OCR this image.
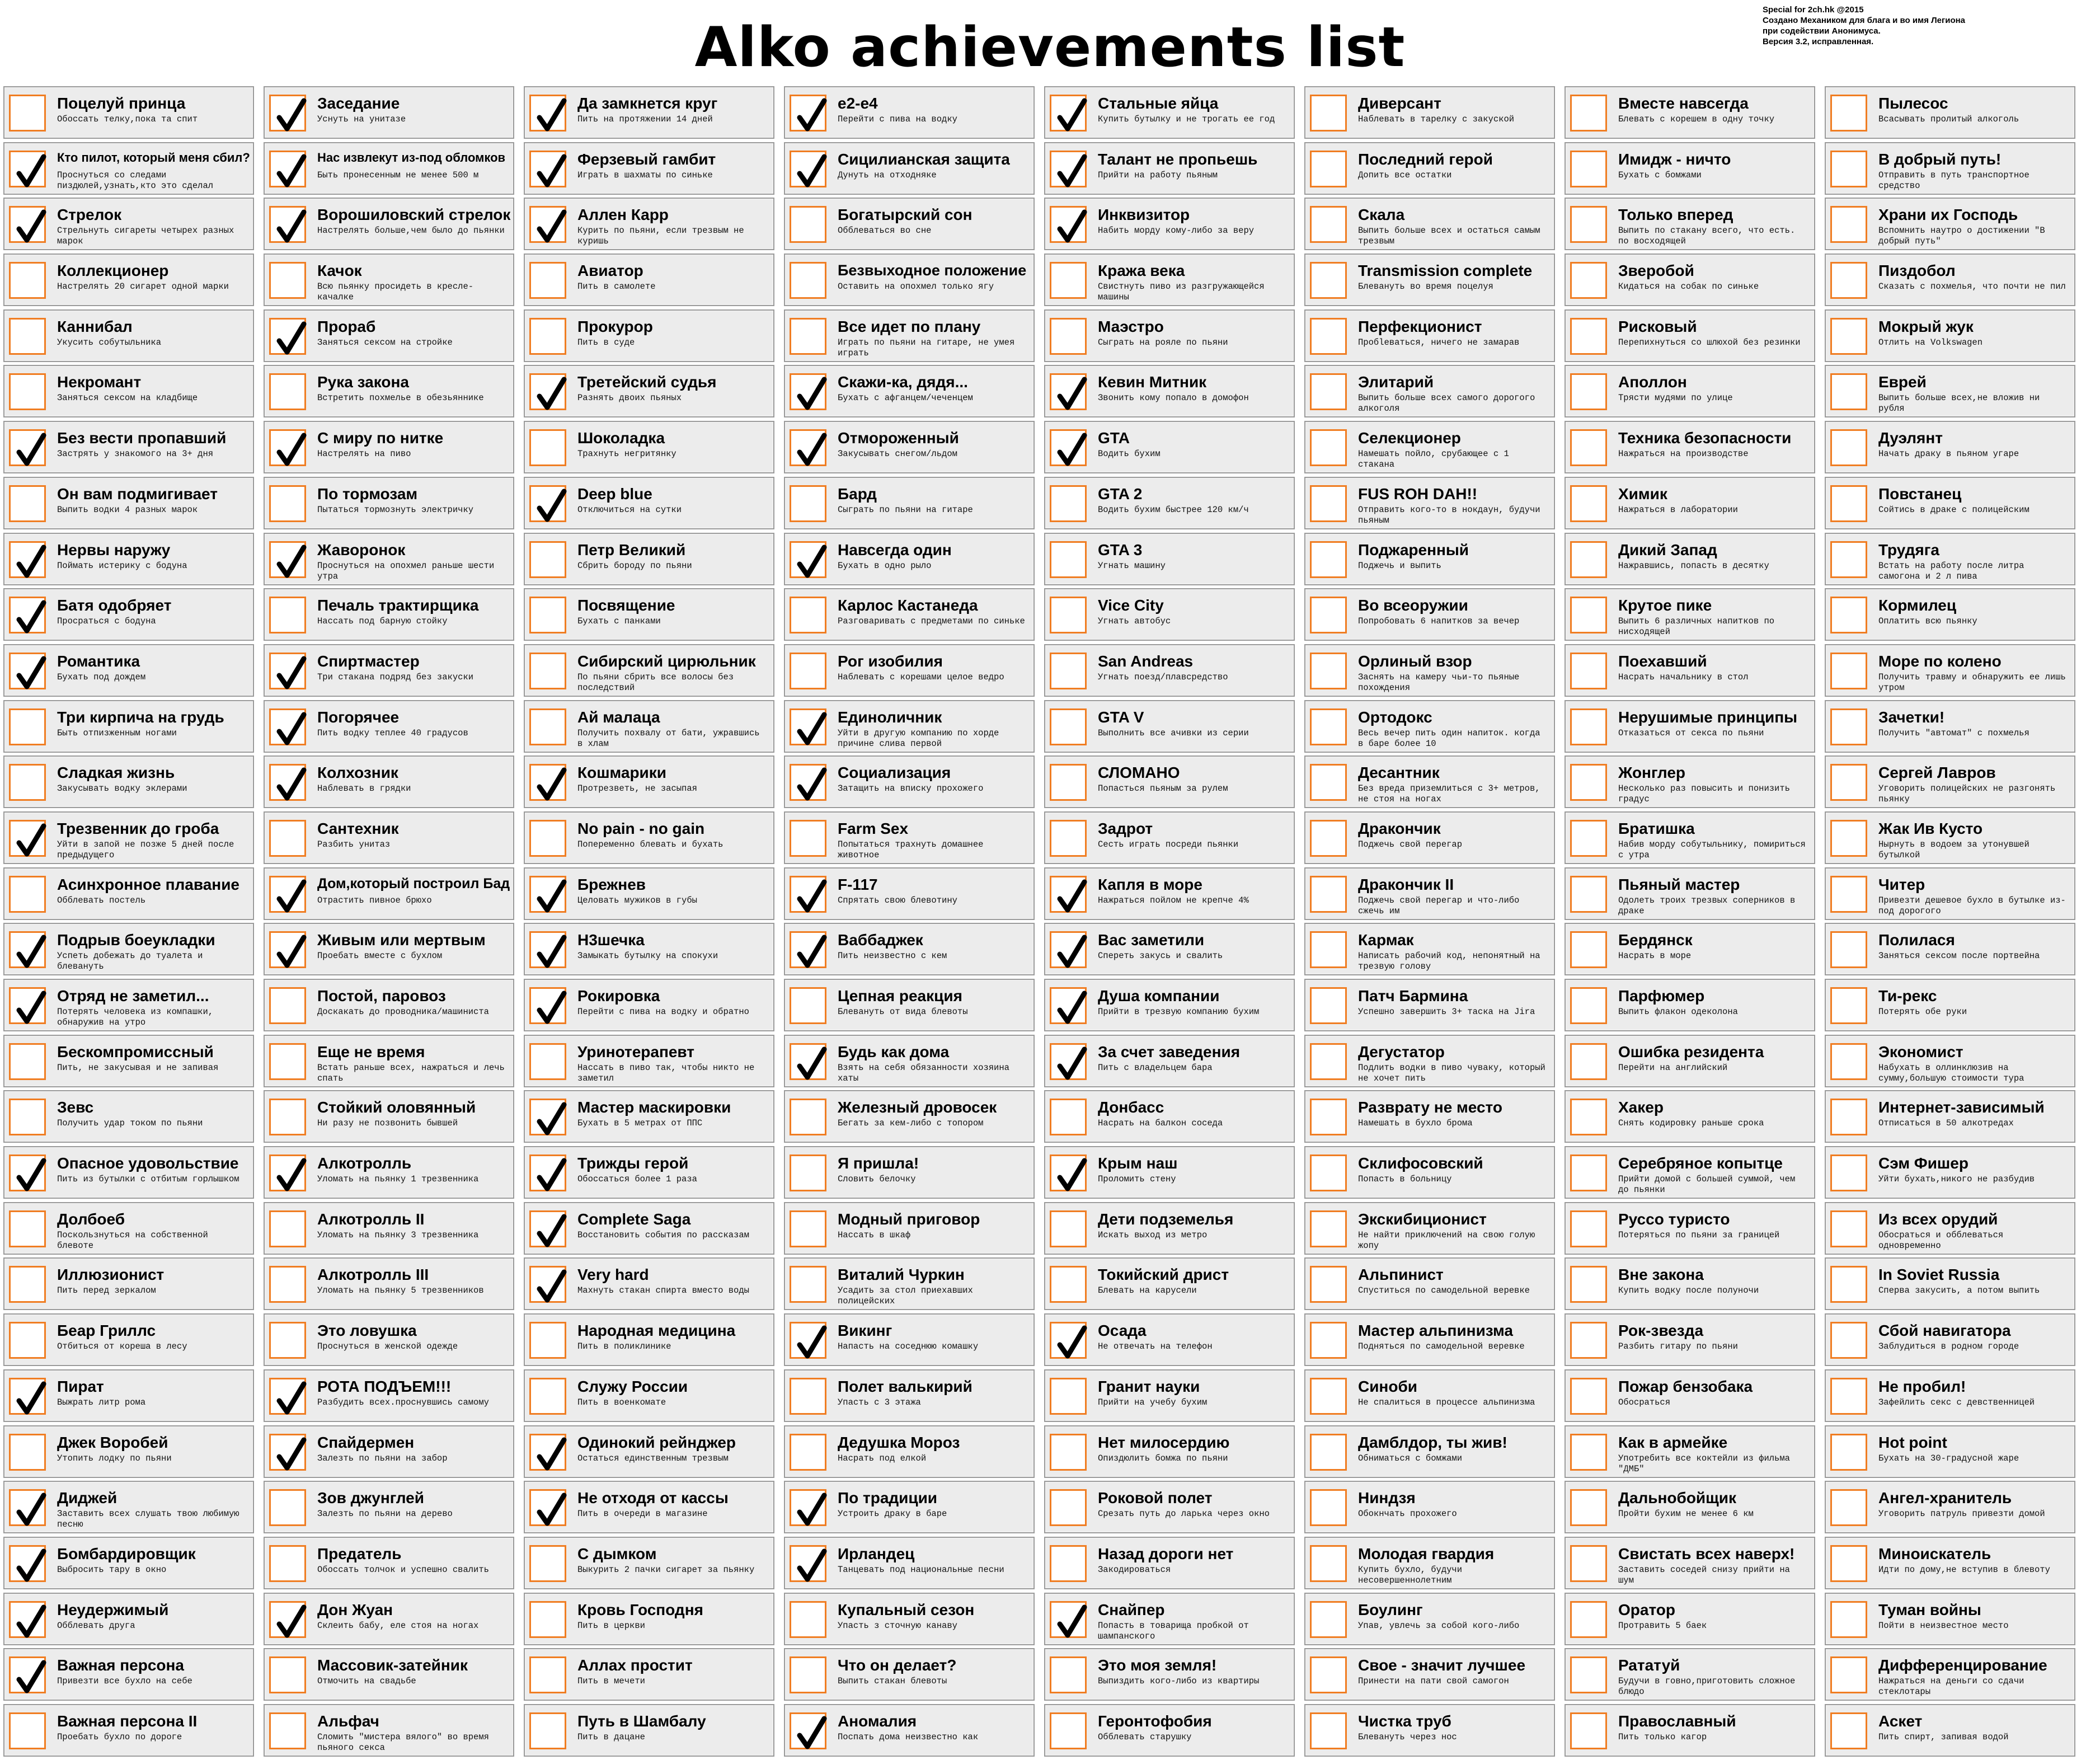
Alko achievements list
Special for 2ch.hk @2015
Создано Механиком для блага и во имя Легиона
при содействии Анонимуса.
Версия 3.2, исправленная.
Поцелуй принца
Обоссать телку,пока та спит
Кто пилот, который меня сбил?
Проснуться со следами пиздюлей,узнать,кто это сделал
Стрелок
Стрельнуть сигареты четырех разных марок
Коллекционер
Настрелять 20 сигарет одной марки
Каннибал
Укусить собутыльника
Некромант
Заняться сексом на кладбище
Без вести пропавший
Застрять у знакомого на 3+ дня
Он вам подмигивает
Выпить водки 4 разных марок
Нервы наружу
Поймать истерику с бодуна
Батя одобряет
Просраться с бодуна
Романтика
Бухать под дождем
Три кирпича на грудь
Быть отпизженным ногами
Сладкая жизнь
Закусывать водку эклерами
Трезвенник до гроба
Уйти в запой не позже 5 дней после предыдущего
Асинхронное плавание
Обблевать постель
Подрыв боеукладки
Успеть добежать до туалета и блевануть
Отряд не заметил...
Потерять человека из компашки, обнаружив на утро
Бескомпромиссный
Пить, не закусывая и не запивая
Зевс
Получить удар током по пьяни
Опасное удовольствие
Пить из бутылки с отбитым горлышком
Долбоеб
Поскользнуться на собственной блевоте
Иллюзионист
Пить перед зеркалом
Беар Гриллс
Отбиться от кореша в лесу
Пират
Выжрать литр рома
Джек Воробей
Утопить лодку по пьяни
Диджей
Заставить всех слушать твою любимую песню
Бомбардировщик
Выбросить тару в окно
Неудержимый
Обблевать друга
Важная персона
Привезти все бухло на себе
Важная персона II
Проебать бухло по дороге
Заседание
Уснуть на унитазе
Нас извлекут из-под обломков
Быть пронесенным не менее 500 м
Ворошиловский стрелок
Настрелять больше,чем было до пьянки
Качок
Всю пьянку просидеть в кресле-качалке
Прораб
Заняться сексом на стройке
Рука закона
Встретить похмелье в обезьяннике
С миру по нитке
Настрелять на пиво
По тормозам
Пытаться тормознуть электричку
Жаворонок
Проснуться на опохмел раньше шести утра
Печаль трактирщика
Нассать под барную стойку
Спиртмастер
Три стакана подряд без закуски
Погорячее
Пить водку теплее 40 градусов
Колхозник
Наблевать в грядки
Сантехник
Разбить унитаз
Дом,который построил Бад
Отрастить пивное брюхо
Живым или мертвым
Проебать вместе с бухлом
Постой, паровоз
Доскакать до проводника/машиниста
Еще не время
Встать раньше всех, нажраться и лечь спать
Стойкий оловянный
Ни разу не позвонить бывшей
Алкотролль
Уломать на пьянку 1 трезвенника
Алкотролль II
Уломать на пьянку 3 трезвенника
Алкотролль III
Уломать на пьянку 5 трезвенников
Это ловушка
Проснуться в женской одежде
РОТА ПОДЪЕМ!!!
Разбудить всех.проснувшись самому
Спайдермен
Залезть по пьяни на забор
Зов джунглей
Залезть по пьяни на дерево
Предатель
Обоссать толчок и успешно свалить
Дон Жуан
Склеить бабу, еле стоя на ногах
Массовик-затейник
Отмочить на свадьбе
Альфач
Сломить "мистера вялого" во время пьяного секса
Да замкнется круг
Пить на протяжении 14 дней
Ферзевый гамбит
Играть в шахматы по синьке
Аллен Карр
Курить по пьяни, если трезвым не куришь
Авиатор
Пить в самолете
Прокурор
Пить в суде
Третейский судья
Разнять двоих пьяных
Шоколадка
Трахнуть негритянку
Deep blue
Отключиться на сутки
Петр Великий
Сбрить бороду по пьяни
Посвящение
Бухать с панками
Сибирский цирюльник
По пьяни сбрить все волосы без последствий
Ай малаца
Получить похвалу от бати, ужравшись в хлам
Кошмарики
Протрезветь, не засыпая
No pain - no gain
Попеременно блевать и бухать
Брежнев
Целовать мужиков в губы
Н3шечка
Замыкать бутылку на спокухи
Рокировка
Перейти с пива на водку и обратно
Уринотерапевт
Нассать в пиво так, чтобы никто не заметил
Мастер маскировки
Бухать в 5 метрах от ППС
Трижды герой
Обоссаться более 1 раза
Complete Saga
Восстановить события по рассказам
Very hard
Махнуть стакан спирта вместо воды
Народная медицина
Пить в поликлинике
Служу России
Пить в военкомате
Одинокий рейнджер
Остаться единственным трезвым
Не отходя от кассы
Пить в очереди в магазине
С дымком
Выкурить 2 пачки сигарет за пьянку
Кровь Господня
Пить в церкви
Аллах простит
Пить в мечети
Путь в Шамбалу
Пить в дацане
e2-e4
Перейти с пива на водку
Сицилианская защита
Дунуть на отходняке
Богатырский сон
Обблеваться во сне
Безвыходное положение
Оставить на опохмел только ягу
Все идет по плану
Играть по пьяни на гитаре, не умея играть
Скажи-ка, дядя...
Бухать с афганцем/чеченцем
Отмороженный
Закусывать снегом/льдом
Бард
Сыграть по пьяни на гитаре
Навсегда один
Бухать в одно рыло
Карлос Кастанеда
Разговаривать с предметами по синьке
Рог изобилия
Наблевать с корешами целое ведро
Единоличник
Уйти в другую компанию по хорде причине слива первой
Социализация
Затащить на вписку прохожего
Farm Sex
Попытаться трахнуть домашнее животное
F-117
Спрятать свою блевотину
Ваббаджек
Пить неизвестно с кем
Цепная реакция
Блевануть от вида блевоты
Будь как дома
Взять на себя обязанности хозяина хаты
Железный дровосек
Бегать за кем-либо с топором
Я пришла!
Словить белочку
Модный приговор
Нассать в шкаф
Виталий Чуркин
Усадить за стол приехавших полицейских
Викинг
Напасть на соседнюю комашку
Полет валькирий
Упасть с 3 этажа
Дедушка Мороз
Насрать под елкой
По традиции
Устроить драку в баре
Ирландец
Танцевать под национальные песни
Купальный сезон
Упасть з сточную канаву
Что он делает?
Выпить стакан блевоты
Аномалия
Поспать дома неизвестно как
Стальные яйца
Купить бутылку и не трогать ее год
Талант не пропьешь
Прийти на работу пьяным
Инквизитор
Набить морду кому-либо за веру
Кража века
Свистнуть пиво из разгружающейся машины
Маэстро
Сыграть на рояле по пьяни
Кевин Митник
Звонить кому попало в домофон
GTA
Водить бухим
GTA 2
Водить бухим быстрее 120 км/ч
GTA 3
Угнать машину
Vice City
Угнать автобус
San Andreas
Угнать поезд/плавсредство
GTA V
Выполнить все ачивки из серии
СЛОМАНО
Попасться пьяным за рулем
Задрот
Сесть играть посреди пьянки
Капля в море
Нажраться пойлом не крепче 4%
Вас заметили
Спереть закусь и свалить
Душа компании
Прийти в трезвую компанию бухим
За счет заведения
Пить с владельцем бара
Донбасс
Насрать на балкон соседа
Крым наш
Проломить стену
Дети подземелья
Искать выход из метро
Токийский дрист
Блевать на карусели
Осада
Не отвечать на телефон
Гранит науки
Прийти на учебу бухим
Нет милосердию
Опиздюлить бомжа по пьяни
Роковой полет
Срезать путь до ларька через окно
Назад дороги нет
Закодироваться
Снайпер
Попасть в товарища пробкой от шампанского
Это моя земля!
Выпиздить кого-либо из квартиры
Геронтофобия
Обблевать старушку
Диверсант
Наблевать в тарелку с закуской
Последний герой
Допить все остатки
Скала
Выпить больше всех и остаться самым трезвым
Transmission complete
Блевануть во время поцелуя
Перфекционист
Пробleваться, ничего не замарав
Элитарий
Выпить больше всех самого дорогого алкоголя
Селекционер
Намешать пойло, срубающее с 1 стакана
FUS ROH DAH!!
Отправить кого-то в нокдаун, будучи пьяным
Поджаренный
Поджечь и выпить
Во всеоружии
Попробовать 6 напитков за вечер
Орлиный взор
Заснять на камеру чьи-то пьяные похождения
Ортодокс
Весь вечер пить один напиток. когда в баре более 10
Десантник
Без вреда приземлиться с 3+ метров, не стоя на ногах
Дракончик
Поджечь свой перегар
Дракончик II
Поджечь свой перегар и что-либо сжечь им
Кармак
Написать рабочий код, непонятный на трезвую голову
Патч Бармина
Успешно завершить 3+ таска на Jira
Дегустатор
Подлить водки в пиво чуваку, который не хочет пить
Разврату не место
Намешать в бухло брома
Склифосовский
Попасть в больницу
Экскибиционист
Не найти приключений на свою голую жопу
Альпинист
Спуститься по самодельной веревке
Мастер альпинизма
Подняться по самодельной веревке
Синоби
Не спалиться в процессе альпинизма
Дамблдор, ты жив!
Обниматься с бомжами
Ниндзя
Обокнчать прохожего
Молодая гвардия
Купить бухло, будучи несовершеннолетним
Боулинг
Упав, увлечь за собой кого-либо
Свое - значит лучшее
Принести на пати свой самогон
Чистка труб
Блевануть через нос
Вместе навсегда
Блевать с корешем в одну точку
Имидж - ничто
Бухать с бомжами
Только вперед
Выпить по стакану всего, что есть. по восходящей
Зверобой
Кидаться на собак по синьке
Рисковый
Перепихнуться со шлюхой без резинки
Аполлон
Трясти мудями по улице
Техника безопасности
Нажраться на производстве
Химик
Нажраться в лаборатории
Дикий Запад
Нажравшись, попасть в десятку
Крутое пике
Выпить 6 различных напитков по нисходящей
Поехавший
Насрать начальнику в стол
Нерушимые принципы
Отказаться от секса по пьяни
Жонглер
Несколько раз повысить и понизить градус
Братишка
Набив морду собутыльнику, помириться с утра
Пьяный мастер
Одолеть троих трезвых соперников в драке
Бердянск
Насрать в море
Парфюмер
Выпить флакон одеколона
Ошибка резидента
Перейти на английский
Хакер
Снять кодировку раньше срока
Серебряное копытце
Прийти домой с большей суммой, чем до пьянки
Руссо туристо
Потеряться по пьяни за границей
Вне закона
Купить водку после полуночи
Рок-звезда
Разбить гитару по пьяни
Пожар бензобака
Обосраться
Как в армейке
Употребить все коктейли из фильма "ДМБ"
Дальнобойщик
Пройти бухим не менее 6 км
Свистать всех наверх!
Заставить соседей снизу прийти на шум
Оратор
Протравить 5 баек
Рататуй
Будучи в говно,приготовить сложное блюдо
Православный
Пить только кагор
Пылесос
Всасывать пролитый алкоголь
В добрый путь!
Отправить в путь транспортное средство
Храни их Господь
Вспомнить наутро о достижении "В добрый путь"
Пиздобол
Сказать с похмелья, что почти не пил
Мокрый жук
Отлить на Volkswagen
Еврей
Выпить больше всех,не вложив ни рубля
Дуэлянт
Начать драку в пьяном угаре
Повстанец
Сойтись в драке с полицейским
Трудяга
Встать на работу после литра самогона и 2 л пива
Кормилец
Оплатить всю пьянку
Море по колено
Получить травму и обнаружить ее лишь утром
Зачетки!
Получить "автомат" с похмелья
Сергей Лавров
Уговорить полицейских не разгонять пьянку
Жак Ив Кусто
Нырнуть в водоем за утонувшей бутылкой
Читер
Привезти дешевое бухло в бутылке из-под дорогого
Полилася
Заняться сексом после портвейна
Ти-рекс
Потерять обе руки
Экономист
Набухать в оллинклюзив на сумму,большую стоимости тура
Интернет-зависимый
Отписаться в 50 алкотредах
Сэм Фишер
Уйти бухать,никого не разбудив
Из всех орудий
Обосраться и обблеваться одновременно
In Soviet Russia
Сперва закусить, а потом выпить
Сбой навигатора
Заблудиться в родном городе
Не пробил!
Зафейлить секс с девственницей
Hot point
Бухать на 30-градусной жаре
Ангел-хранитель
Уговорить патруль привезти домой
Миноискатель
Идти по дому,не вступив в блевоту
Туман войны
Пойти в неизвестное место
Дифференцирование
Нажраться на деньги со сдачи стеклотары
Аскет
Пить спирт, запивая водой
